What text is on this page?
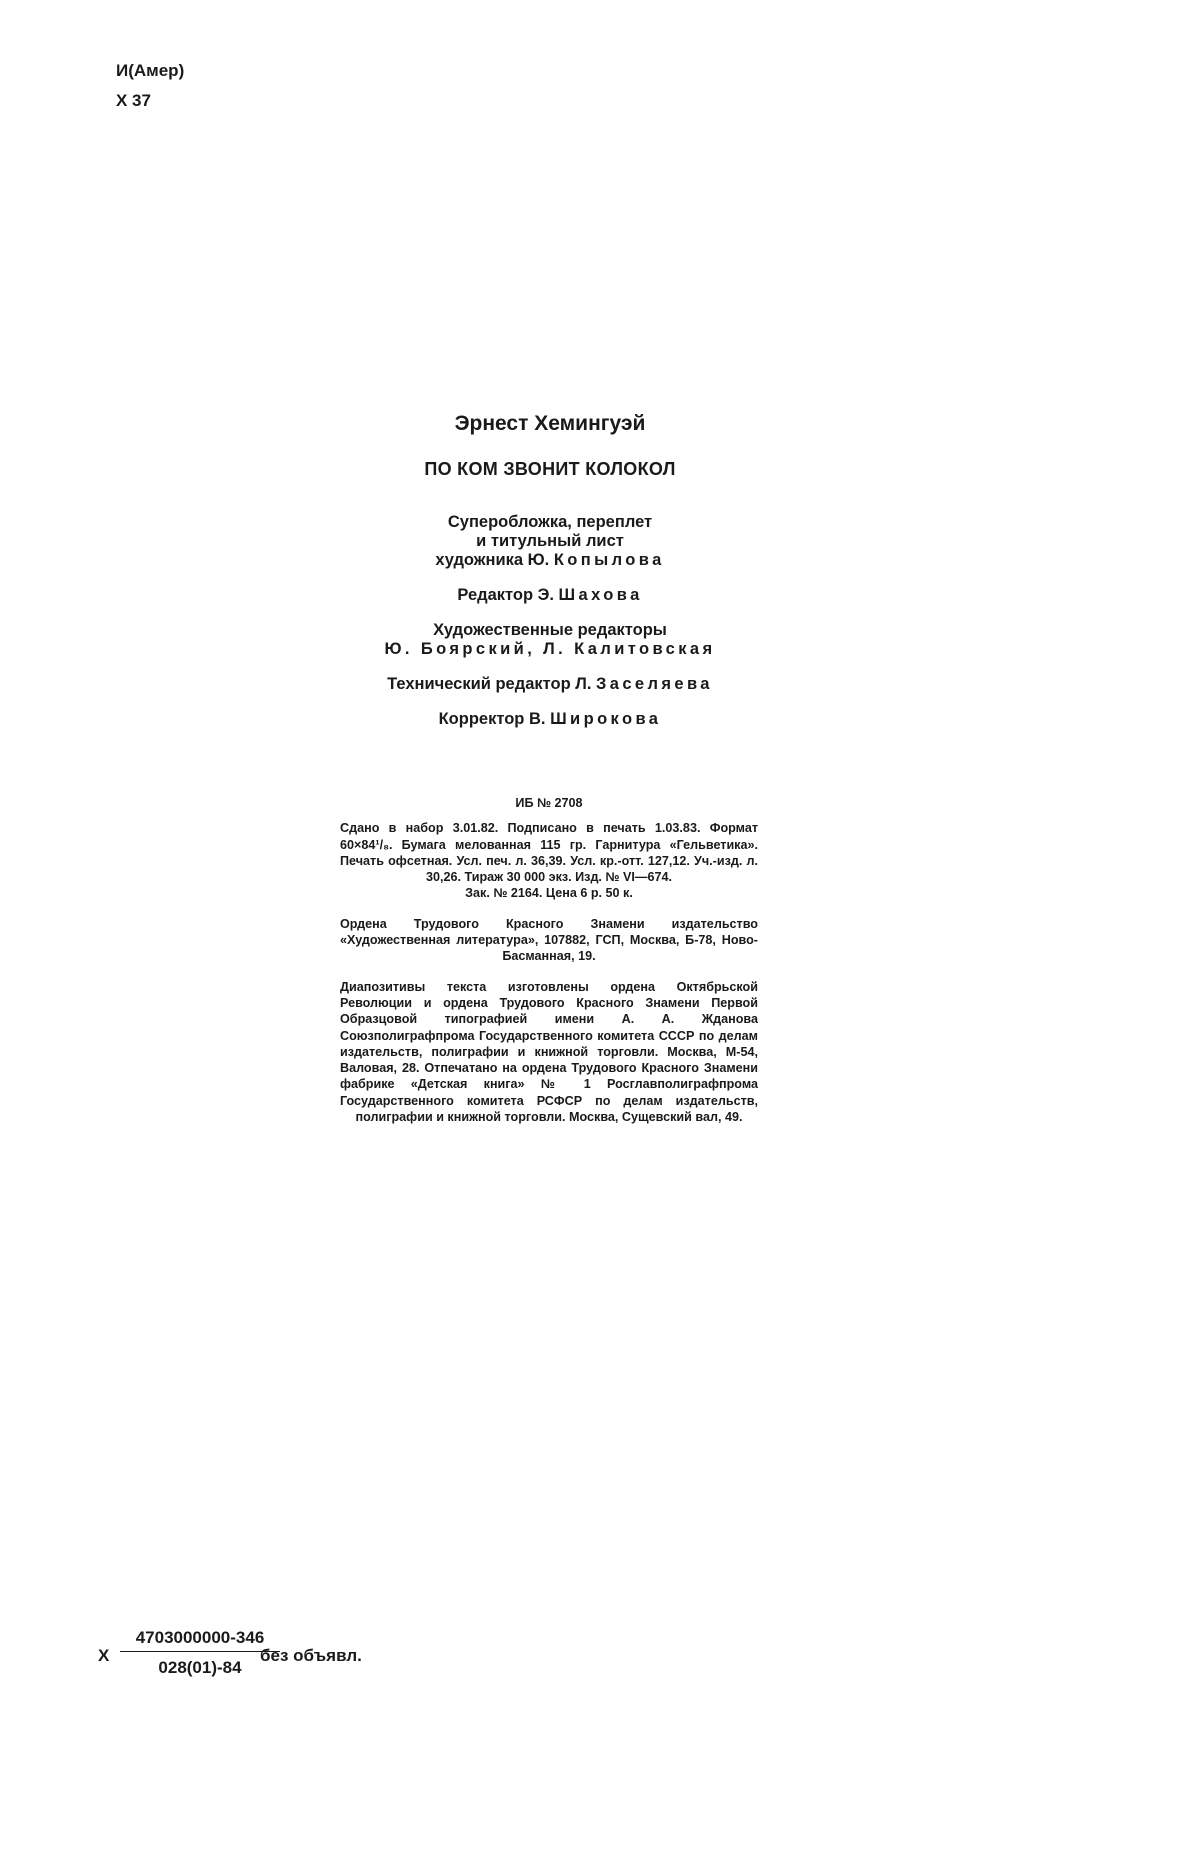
И(Амер)
Х 37
Эрнест Хемингуэй
ПО КОМ ЗВОНИТ КОЛОКОЛ
Суперобложка, переплет
и титульный лист
художника Ю. Копылова
Редактор Э. Шахова
Художественные редакторы
Ю. Боярский, Л. Калитовская
Технический редактор Л. Заселяева
Корректор В. Широкова
ИБ № 2708
Сдано в набор 3.01.82. Подписано в печать 1.03.83. Формат 60×84¹/₈. Бумага мелованная 115 гр. Гарнитура «Гельветика». Печать офсетная. Усл. печ. л. 36,39. Усл. кр.-отт. 127,12. Уч.-изд. л. 30,26. Тираж 30 000 экз. Изд. № VI—674.
Зак. № 2164. Цена 6 р. 50 к.
Ордена Трудового Красного Знамени издательство «Художественная литература», 107882, ГСП, Москва, Б-78, Ново-Басманная, 19.
Диапозитивы текста изготовлены ордена Октябрьской Революции и ордена Трудового Красного Знамени Первой Образцовой типографией имени А. А. Жданова Союзполиграфпрома Государственного комитета СССР по делам издательств, полиграфии и книжной торговли. Москва, М-54, Валовая, 28. Отпечатано на ордена Трудового Красного Знамени фабрике «Детская книга» № 1 Росглавполиграфпрома Государственного комитета РСФСР по делам издательств, полиграфии и книжной торговли. Москва, Сущевский вал, 49.
Х $\frac{4703000000-346}{028(01)-84}$
без объявл.
